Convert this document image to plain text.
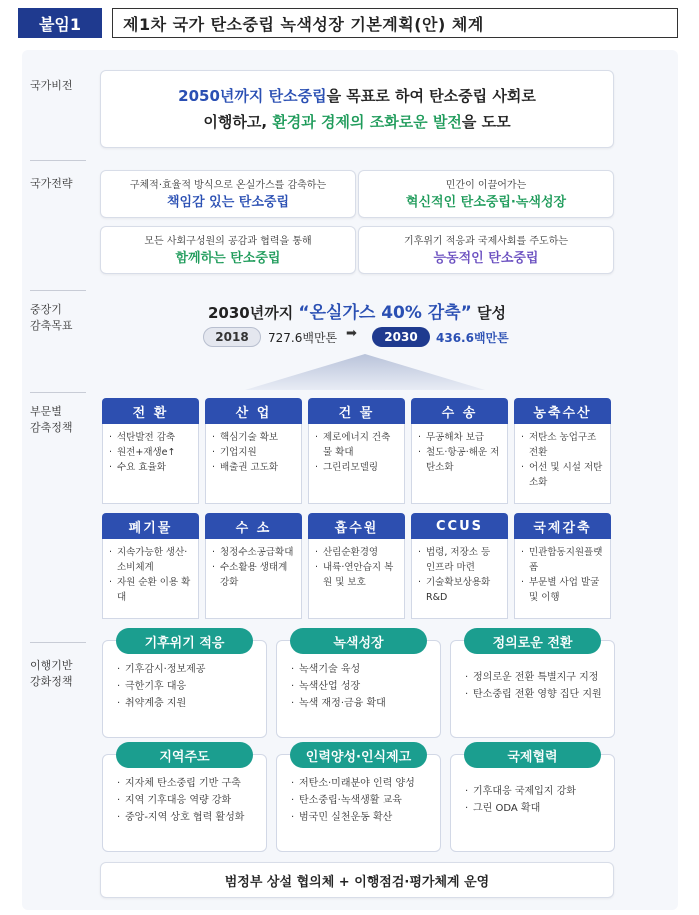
붙임1	제1차 국가 탄소중립 녹색성장 기본계획(안) 체계
국가비전
국가전략
중장기
감축목표
부문별
감축정책
이행기반
강화정책
2050년까지 탄소중립을 목표로 하여 탄소중립 사회로
이행하고, 환경과 경제의 조화로운 발전을 도모
구체적·효율적 방식으로 온실가스를 감축하는
책임감 있는 탄소중립
민간이 이끌어가는
혁신적인 탄소중립·녹색성장
모든 사회구성원의 공감과 협력을 통해
함께하는 탄소중립
기후위기 적응과 국제사회를 주도하는
능동적인 탄소중립
2030년까지 “온실가스 40% 감축” 달성
2018	727.6백만톤 ➡	2030	436.6백만톤
전 환
· 석탄발전 감축
· 원전+재생e↑
· 수요 효율화
산 업
· 핵심기술 확보
· 기업지원
· 배출권 고도화
건 물
· 제로에너지 건축물 확대
· 그린리모델링
수 송
· 무공해차 보급
· 철도·항공·해운 저탄소화
농축수산
· 저탄소 농업구조 전환
· 어선 및 시설 저탄소화
폐기물
· 지속가능한 생산·소비체계
· 자원 순환 이용 확대
수 소
· 청정수소공급확대
· 수소활용 생태계 강화
흡수원
· 산림순환경영
· 내륙·연안습지 복원 및 보호
CCUS
· 법령, 저장소 등 인프라 마련
· 기술확보상용화 R&D
국제감축
· 민관합동지원플랫폼
· 부문별 사업 발굴 및 이행
기후위기 적응
· 기후감시·정보제공
· 극한기후 대응
· 취약계층 지원
녹색성장
· 녹색기술 육성
· 녹색산업 성장
· 녹색 재정·금융 확대
정의로운 전환
· 정의로운 전환 특별지구 지정
· 탄소중립 전환 영향 집단 지원
지역주도
· 지자체 탄소중립 기반 구축
· 지역 기후대응 역량 강화
· 중앙-지역 상호 협력 활성화
인력양성·인식제고
· 저탄소·미래분야 인력 양성
· 탄소중립·녹색생활 교육
· 범국민 실천운동 확산
국제협력
· 기후대응 국제입지 강화
· 그린 ODA 확대
범정부 상설 협의체 + 이행점검·평가체계 운영
